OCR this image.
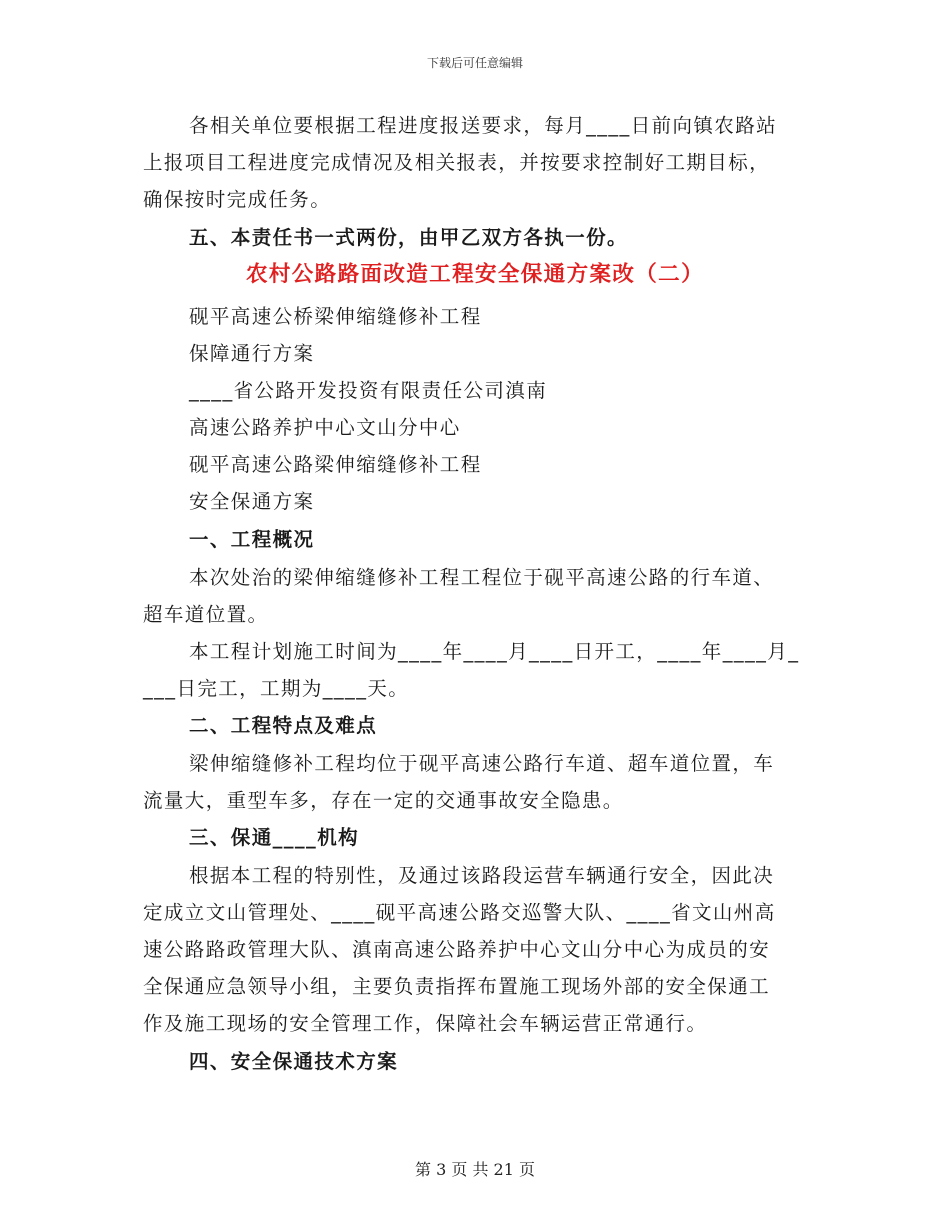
下载后可任意编辑
各相关单位要根据工程进度报送要求，每月____日前向镇农路站
上报项目工程进度完成情况及相关报表，并按要求控制好工期目标，
确保按时完成任务。
五、本责任书一式两份，由甲乙双方各执一份。
农村公路路面改造工程安全保通方案改（二）
砚平高速公桥梁伸缩缝修补工程
保障通行方案
____省公路开发投资有限责任公司滇南
高速公路养护中心文山分中心
砚平高速公路梁伸缩缝修补工程
安全保通方案
一、工程概况
本次处治的梁伸缩缝修补工程工程位于砚平高速公路的行车道、
超车道位置。
本工程计划施工时间为____年____月____日开工，____年____月_
___日完工，工期为____天。
二、工程特点及难点
梁伸缩缝修补工程均位于砚平高速公路行车道、超车道位置，车
流量大，重型车多，存在一定的交通事故安全隐患。
三、保通____机构
根据本工程的特别性，及通过该路段运营车辆通行安全，因此决
定成立文山管理处、____砚平高速公路交巡警大队、____省文山州高
速公路路政管理大队、滇南高速公路养护中心文山分中心为成员的安
全保通应急领导小组，主要负责指挥布置施工现场外部的安全保通工
作及施工现场的安全管理工作，保障社会车辆运营正常通行。
四、安全保通技术方案
第 3 页 共 21 页
